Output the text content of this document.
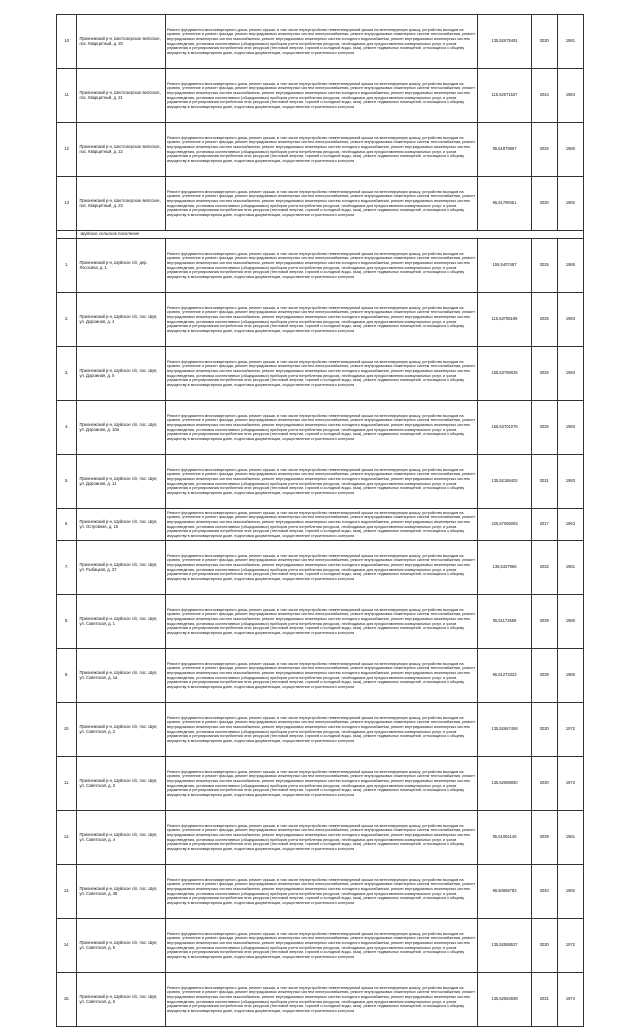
10	Прионежский р-н, Шелтозерское вепсское, пос. Кварцитный, д. 20	Ремонт фундамента многоквартирного дома, ремонт крыши, в том числе переустройство невентилируемой крыши на вентилируемую крышу, устройство выходов на кровлю, утепление и ремонт фасада, ремонт внутридомовых инженерных систем электроснабжения, ремонт внутридомовых инженерных систем теплоснабжения, ремонт внутридомовых инженерных систем газоснабжения, ремонт внутридомовых инженерных систем холодного водоснабжения, ремонт внутридомовых инженерных систем водоотведения, установка коллективных (общедомовых) приборов учета потребления ресурсов, необходимых для предоставления коммунальных услуг, и узлов управления и регулирования потребления этих ресурсов (тепловой энергии, горячей и холодной воды, газа), ремонт подвальных помещений, относящихся к общему имуществу в многоквартирном доме, подготовка документации, осуществление строительного контроля	135,52675491	2030	1981
11	Прионежский р-н, Шелтозерское вепсское, пос. Кварцитный, д. 21	Ремонт фундамента многоквартирного дома, ремонт крыши, в том числе переустройство невентилируемой крыши на вентилируемую крышу, устройство выходов на кровлю, утепление и ремонт фасада, ремонт внутридомовых инженерных систем электроснабжения, ремонт внутридомовых инженерных систем теплоснабжения, ремонт внутридомовых инженерных систем газоснабжения, ремонт внутридомовых инженерных систем холодного водоснабжения, ремонт внутридомовых инженерных систем водоотведения, установка коллективных (общедомовых) приборов учета потребления ресурсов, необходимых для предоставления коммунальных услуг, и узлов управления и регулирования потребления этих ресурсов (тепловой энергии, горячей и холодной воды, газа), ремонт подвальных помещений, относящихся к общему имуществу в многоквартирном доме, подготовка документации, осуществление строительного контроля	115,52671537	2024	1984
12	Прионежский р-н, Шелтозерское вепсское, пос. Кварцитный, д. 22	Ремонт фундамента многоквартирного дома, ремонт крыши, в том числе переустройство невентилируемой крыши на вентилируемую крышу, устройство выходов на кровлю, утепление и ремонт фасада, ремонт внутридомовых инженерных систем электроснабжения, ремонт внутридомовых инженерных систем теплоснабжения, ремонт внутридомовых инженерных систем газоснабжения, ремонт внутридомовых инженерных систем холодного водоснабжения, ремонт внутридомовых инженерных систем водоотведения, установка коллективных (общедомовых) приборов учета потребления ресурсов, необходимых для предоставления коммунальных услуг, и узлов управления и регулирования потребления этих ресурсов (тепловой энергии, горячей и холодной воды, газа), ремонт подвальных помещений, относящихся к общему имуществу в многоквартирном доме, подготовка документации, осуществление строительного контроля	95,51879867	2026	1980
13	Прионежский р-н, Шелтозерское вепсское, пос. Кварцитный, д. 23	Ремонт фундамента многоквартирного дома, ремонт крыши, в том числе переустройство невентилируемой крыши на вентилируемую крышу, устройство выходов на кровлю, утепление и ремонт фасада, ремонт внутридомовых инженерных систем электроснабжения, ремонт внутридомовых инженерных систем теплоснабжения, ремонт внутридомовых инженерных систем газоснабжения, ремонт внутридомовых инженерных систем холодного водоснабжения, ремонт внутридомовых инженерных систем водоотведения, установка коллективных (общедомовых) приборов учета потребления ресурсов, необходимых для предоставления коммунальных услуг, и узлов управления и регулирования потребления этих ресурсов (тепловой энергии, горячей и холодной воды, газа), ремонт подвальных помещений, относящихся к общему имуществу в многоквартирном доме, подготовка документации, осуществление строительного контроля	95,51799451	2030	1982
	Шуйское сельское поселение				
1.	Прионежский р-н, Шуйское с/п, дер. Лососина, д. 1	Ремонт фундамента многоквартирного дома, ремонт крыши, в том числе переустройство невентилируемой крыши на вентилируемую крышу, устройство выходов на кровлю, утепление и ремонт фасада, ремонт внутридомовых инженерных систем электроснабжения, ремонт внутридомовых инженерных систем теплоснабжения, ремонт внутридомовых инженерных систем газоснабжения, ремонт внутридомовых инженерных систем холодного водоснабжения, ремонт внутридомовых инженерных систем водоотведения, установка коллективных (общедомовых) приборов учета потребления ресурсов, необходимых для предоставления коммунальных услуг, и узлов управления и регулирования потребления этих ресурсов (тепловой энергии, горячей и холодной воды, газа), ремонт подвальных помещений, относящихся к общему имуществу в многоквартирном доме, подготовка документации, осуществление строительного контроля	155,5407487	2025	1985
2.	Прионежский р-н, Шуйское с/п, пос. Шуя, ул. Дорожная, д. 4	Ремонт фундамента многоквартирного дома, ремонт крыши, в том числе переустройство невентилируемой крыши на вентилируемую крышу, устройство выходов на кровлю, утепление и ремонт фасада, ремонт внутридомовых инженерных систем электроснабжения, ремонт внутридомовых инженерных систем теплоснабжения, ремонт внутридомовых инженерных систем газоснабжения, ремонт внутридомовых инженерных систем холодного водоснабжения, ремонт внутридомовых инженерных систем водоотведения, установка коллективных (общедомовых) приборов учета потребления ресурсов, необходимых для предоставления коммунальных услуг, и узлов управления и регулирования потребления этих ресурсов (тепловой энергии, горячей и холодной воды, газа), ремонт подвальных помещений, относящихся к общему имуществу в многоквартирном доме, подготовка документации, осуществление строительного контроля	115,53785199	2025	1983
3.	Прионежский р-н, Шуйское с/п, пос. Шуя, ул. Дорожная, д. 5	Ремонт фундамента многоквартирного дома, ремонт крыши, в том числе переустройство невентилируемой крыши на вентилируемую крышу, устройство выходов на кровлю, утепление и ремонт фасада, ремонт внутридомовых инженерных систем электроснабжения, ремонт внутридомовых инженерных систем теплоснабжения, ремонт внутридомовых инженерных систем газоснабжения, ремонт внутридомовых инженерных систем холодного водоснабжения, ремонт внутридомовых инженерных систем водоотведения, установка коллективных (общедомовых) приборов учета потребления ресурсов, необходимых для предоставления коммунальных услуг, и узлов управления и регулирования потребления этих ресурсов (тепловой энергии, горячей и холодной воды, газа), ремонт подвальных помещений, относящихся к общему имуществу в многоквартирном доме, подготовка документации, осуществление строительного контроля	155,53799025	2025	1983
4.	Прионежский р-н, Шуйское с/п, пос. Шуя, ул. Дорожная, д. 10а	Ремонт фундамента многоквартирного дома, ремонт крыши, в том числе переустройство невентилируемой крыши на вентилируемую крышу, устройство выходов на кровлю, утепление и ремонт фасада, ремонт внутридомовых инженерных систем электроснабжения, ремонт внутридомовых инженерных систем теплоснабжения, ремонт внутридомовых инженерных систем газоснабжения, ремонт внутридомовых инженерных систем холодного водоснабжения, ремонт внутридомовых инженерных систем водоотведения, установка коллективных (общедомовых) приборов учета потребления ресурсов, необходимых для предоставления коммунальных услуг, и узлов управления и регулирования потребления этих ресурсов (тепловой энергии, горячей и холодной воды, газа), ремонт подвальных помещений, относящихся к общему имуществу в многоквартирном доме, подготовка документации, осуществление строительного контроля	155,53701076	2025	1983
5.	Прионежский р-н, Шуйское с/п, пос. Шуя, ул. Дорожная, д. 11	Ремонт фундамента многоквартирного дома, ремонт крыши, в том числе переустройство невентилируемой крыши на вентилируемую крышу, устройство выходов на кровлю, утепление и ремонт фасада, ремонт внутридомовых инженерных систем электроснабжения, ремонт внутридомовых инженерных систем теплоснабжения, ремонт внутридомовых инженерных систем газоснабжения, ремонт внутридомовых инженерных систем холодного водоснабжения, ремонт внутридомовых инженерных систем водоотведения, установка коллективных (общедомовых) приборов учета потребления ресурсов, необходимых для предоставления коммунальных услуг, и узлов управления и регулирования потребления этих ресурсов (тепловой энергии, горячей и холодной воды, газа), ремонт подвальных помещений, относящихся к общему имуществу в многоквартирном доме, подготовка документации, осуществление строительного контроля	135,52186402	2031	1983
6.	Прионежский р-н, Шуйское с/п, пос. Шуя, ул. Островная, д. 15	Ремонт фундамента многоквартирного дома, ремонт крыши, в том числе переустройство невентилируемой крыши на вентилируемую крышу, устройство выходов на кровлю, утепление и ремонт фасада, ремонт внутридомовых инженерных систем электроснабжения, ремонт внутридомовых инженерных систем теплоснабжения, ремонт внутридомовых инженерных систем газоснабжения, ремонт внутридомовых инженерных систем холодного водоснабжения, ремонт внутридомовых инженерных систем водоотведения, установка коллективных (общедомовых) приборов учета потребления ресурсов, необходимых для предоставления коммунальных услуг, и узлов управления и регулирования потребления этих ресурсов (тепловой энергии, горячей и холодной воды, газа), ремонт подвальных помещений, относящихся к общему имуществу в многоквартирном доме, подготовка документации, осуществление строительного контроля	225,57065083	2017	1963
7.	Прионежский р-н, Шуйское с/п, пос. Шуя, ул. Рыбацкая, д. 37	Ремонт фундамента многоквартирного дома, ремонт крыши, в том числе переустройство невентилируемой крыши на вентилируемую крышу, устройство выходов на кровлю, утепление и ремонт фасада, ремонт внутридомовых инженерных систем электроснабжения, ремонт внутридомовых инженерных систем теплоснабжения, ремонт внутридомовых инженерных систем газоснабжения, ремонт внутридомовых инженерных систем холодного водоснабжения, ремонт внутридомовых инженерных систем водоотведения, установка коллективных (общедомовых) приборов учета потребления ресурсов, необходимых для предоставления коммунальных услуг, и узлов управления и регулирования потребления этих ресурсов (тепловой энергии, горячей и холодной воды, газа), ремонт подвальных помещений, относящихся к общему имуществу в многоквартирном доме, подготовка документации, осуществление строительного контроля	135,5337966	2032	1981
8.	Прионежский р-н, Шуйское с/п, пос. Шуя, ул. Советская, д. 1	Ремонт фундамента многоквартирного дома, ремонт крыши, в том числе переустройство невентилируемой крыши на вентилируемую крышу, устройство выходов на кровлю, утепление и ремонт фасада, ремонт внутридомовых инженерных систем электроснабжения, ремонт внутридомовых инженерных систем теплоснабжения, ремонт внутридомовых инженерных систем газоснабжения, ремонт внутридомовых инженерных систем холодного водоснабжения, ремонт внутридомовых инженерных систем водоотведения, установка коллективных (общедомовых) приборов учета потребления ресурсов, необходимых для предоставления коммунальных услуг, и узлов управления и регулирования потребления этих ресурсов (тепловой энергии, горячей и холодной воды, газа), ремонт подвальных помещений, относящихся к общему имуществу в многоквартирном доме, подготовка документации, осуществление строительного контроля	95,51172569	2039	1980
9.	Прионежский р-н, Шуйское с/п, пос. Шуя, ул. Советская, д. 1а	Ремонт фундамента многоквартирного дома, ремонт крыши, в том числе переустройство невентилируемой крыши на вентилируемую крышу, устройство выходов на кровлю, утепление и ремонт фасада, ремонт внутридомовых инженерных систем электроснабжения, ремонт внутридомовых инженерных систем теплоснабжения, ремонт внутридомовых инженерных систем газоснабжения, ремонт внутридомовых инженерных систем холодного водоснабжения, ремонт внутридомовых инженерных систем водоотведения, установка коллективных (общедомовых) приборов учета потребления ресурсов, необходимых для предоставления коммунальных услуг, и узлов управления и регулирования потребления этих ресурсов (тепловой энергии, горячей и холодной воды, газа), ремонт подвальных помещений, относящихся к общему имуществу в многоквартирном доме, подготовка документации, осуществление строительного контроля	95,51273323	2039	1980
10.	Прионежский р-н, Шуйское с/п, пос. Шуя, ул. Советская, д. 2	Ремонт фундамента многоквартирного дома, ремонт крыши, в том числе переустройство невентилируемой крыши на вентилируемую крышу, устройство выходов на кровлю, утепление и ремонт фасада, ремонт внутридомовых инженерных систем электроснабжения, ремонт внутридомовых инженерных систем теплоснабжения, ремонт внутридомовых инженерных систем газоснабжения, ремонт внутридомовых инженерных систем холодного водоснабжения, ремонт внутридомовых инженерных систем водоотведения, установка коллективных (общедомовых) приборов учета потребления ресурсов, необходимых для предоставления коммунальных услуг, и узлов управления и регулирования потребления этих ресурсов (тепловой энергии, горячей и холодной воды, газа), ремонт подвальных помещений, относящихся к общему имуществу в многоквартирном доме, подготовка документации, осуществление строительного контроля	135,52667468	2030	1972
11.	Прионежский р-н, Шуйское с/п, пос. Шуя, ул. Советская, д. 3	Ремонт фундамента многоквартирного дома, ремонт крыши, в том числе переустройство невентилируемой крыши на вентилируемую крышу, устройство выходов на кровлю, утепление и ремонт фасада, ремонт внутридомовых инженерных систем электроснабжения, ремонт внутридомовых инженерных систем теплоснабжения, ремонт внутридомовых инженерных систем газоснабжения, ремонт внутридомовых инженерных систем холодного водоснабжения, ремонт внутридомовых инженерных систем водоотведения, установка коллективных (общедомовых) приборов учета потребления ресурсов, необходимых для предоставления коммунальных услуг, и узлов управления и регулирования потребления этих ресурсов (тепловой энергии, горячей и холодной воды, газа), ремонт подвальных помещений, относящихся к общему имуществу в многоквартирном доме, подготовка документации, осуществление строительного контроля	135,52588050	2030	1972
12.	Прионежский р-н, Шуйское с/п, пос. Шуя, ул. Советская, д. 4	Ремонт фундамента многоквартирного дома, ремонт крыши, в том числе переустройство невентилируемой крыши на вентилируемую крышу, устройство выходов на кровлю, утепление и ремонт фасада, ремонт внутридомовых инженерных систем электроснабжения, ремонт внутридомовых инженерных систем теплоснабжения, ремонт внутридомовых инженерных систем газоснабжения, ремонт внутридомовых инженерных систем холодного водоснабжения, ремонт внутридомовых инженерных систем водоотведения, установка коллективных (общедомовых) приборов учета потребления ресурсов, необходимых для предоставления коммунальных услуг, и узлов управления и регулирования потребления этих ресурсов (тепловой энергии, горячей и холодной воды, газа), ремонт подвальных помещений, относящихся к общему имуществу в многоквартирном доме, подготовка документации, осуществление строительного контроля	95,51094148	2039	1981
13.	Прионежский р-н, Шуйское с/п, пос. Шуя, ул. Советская, д. 35	Ремонт фундамента многоквартирного дома, ремонт крыши, в том числе переустройство невентилируемой крыши на вентилируемую крышу, устройство выходов на кровлю, утепление и ремонт фасада, ремонт внутридомовых инженерных систем электроснабжения, ремонт внутридомовых инженерных систем теплоснабжения, ремонт внутридомовых инженерных систем газоснабжения, ремонт внутридомовых инженерных систем холодного водоснабжения, ремонт внутридомовых инженерных систем водоотведения, установка коллективных (общедомовых) приборов учета потребления ресурсов, необходимых для предоставления коммунальных услуг, и узлов управления и регулирования потребления этих ресурсов (тепловой энергии, горячей и холодной воды, газа), ремонт подвальных помещений, относящихся к общему имуществу в многоквартирном доме, подготовка документации, осуществление строительного контроля	95,50855783	2040	1982
14.	Прионежский р-н, Шуйское с/п, пос. Шуя, ул. Советская, д. 5	Ремонт фундамента многоквартирного дома, ремонт крыши, в том числе переустройство невентилируемой крыши на вентилируемую крышу, устройство выходов на кровлю, утепление и ремонт фасада, ремонт внутридомовых инженерных систем электроснабжения, ремонт внутридомовых инженерных систем теплоснабжения, ремонт внутридомовых инженерных систем газоснабжения, ремонт внутридомовых инженерных систем холодного водоснабжения, ремонт внутридомовых инженерных систем водоотведения, установка коллективных (общедомовых) приборов учета потребления ресурсов, необходимых для предоставления коммунальных услуг, и узлов управления и регулирования потребления этих ресурсов (тепловой энергии, горячей и холодной воды, газа), ремонт подвальных помещений, относящихся к общему имуществу в многоквартирном доме, подготовка документации, осуществление строительного контроля	135,52588537	2030	1972
15.	Прионежский р-н, Шуйское с/п, пос. Шуя, ул. Советская, д. 6	Ремонт фундамента многоквартирного дома, ремонт крыши, в том числе переустройство невентилируемой крыши на вентилируемую крышу, устройство выходов на кровлю, утепление и ремонт фасада, ремонт внутридомовых инженерных систем электроснабжения, ремонт внутридомовых инженерных систем теплоснабжения, ремонт внутридомовых инженерных систем газоснабжения, ремонт внутридомовых инженерных систем холодного водоснабжения, ремонт внутридомовых инженерных систем водоотведения, установка коллективных (общедомовых) приборов учета потребления ресурсов, необходимых для предоставления коммунальных услуг, и узлов управления и регулирования потребления этих ресурсов (тепловой энергии, горячей и холодной воды, газа), ремонт подвальных помещений, относящихся к общему имуществу в многоквартирном доме, подготовка документации, осуществление строительного контроля	135,52584598	2031	1974
